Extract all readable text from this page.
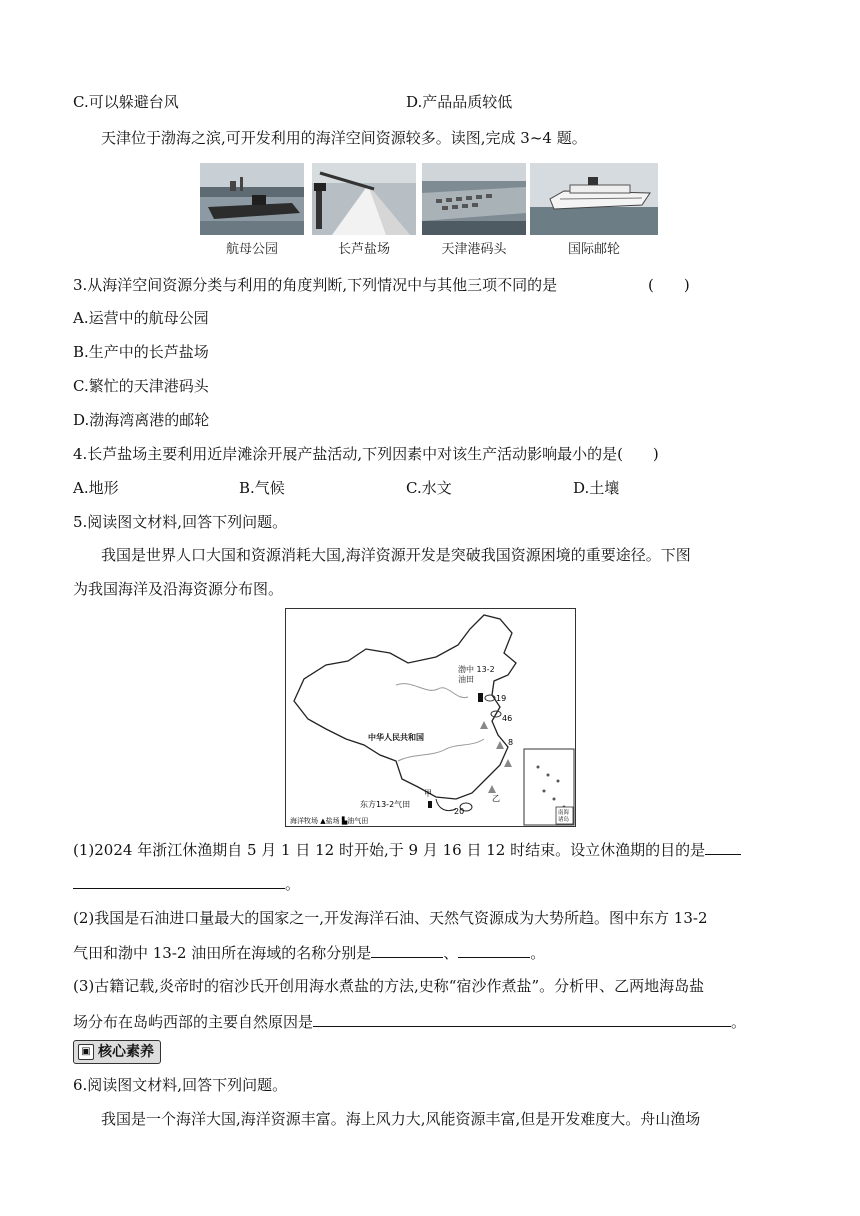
C.可以躲避台风	D.产品品质较低
天津位于渤海之滨,可开发利用的海洋空间资源较多。读图,完成 3~4 题。
航母公园	长芦盐场	天津港码头	国际邮轮
3.从海洋空间资源分类与利用的角度判断,下列情况中与其他三项不同的是	(　　)
A.运营中的航母公园
B.生产中的长芦盐场
C.繁忙的天津港码头
D.渤海湾离港的邮轮
4.长芦盐场主要利用近岸滩涂开展产盐活动,下列因素中对该生产活动影响最小的是(　　)
A.地形	B.气候	C.水文	D.土壤
5.阅读图文材料,回答下列问题。
我国是世界人口大国和资源消耗大国,海洋资源开发是突破我国资源困境的重要途径。下图
为我国海洋及沿海资源分布图。
中华人民共和国
渤中 13-2 油田
19
46
8
甲
乙
东方13-2气田
20	南海诸岛
海洋牧场 ▲盐场 ▙油气田
(1)2024 年浙江休渔期自 5 月 1 日 12 时开始,于 9 月 16 日 12 时结束。设立休渔期的目的是
。
(2)我国是石油进口量最大的国家之一,开发海洋石油、天然气资源成为大势所趋。图中东方 13-2
气田和渤中 13-2 油田所在海域的名称分别是	、	。
(3)古籍记载,炎帝时的宿沙氏开创用海水煮盐的方法,史称“宿沙作煮盐”。分析甲、乙两地海岛盐
场分布在岛屿西部的主要自然原因是	。
▣ 核心素养
6.阅读图文材料,回答下列问题。
我国是一个海洋大国,海洋资源丰富。海上风力大,风能资源丰富,但是开发难度大。舟山渔场
